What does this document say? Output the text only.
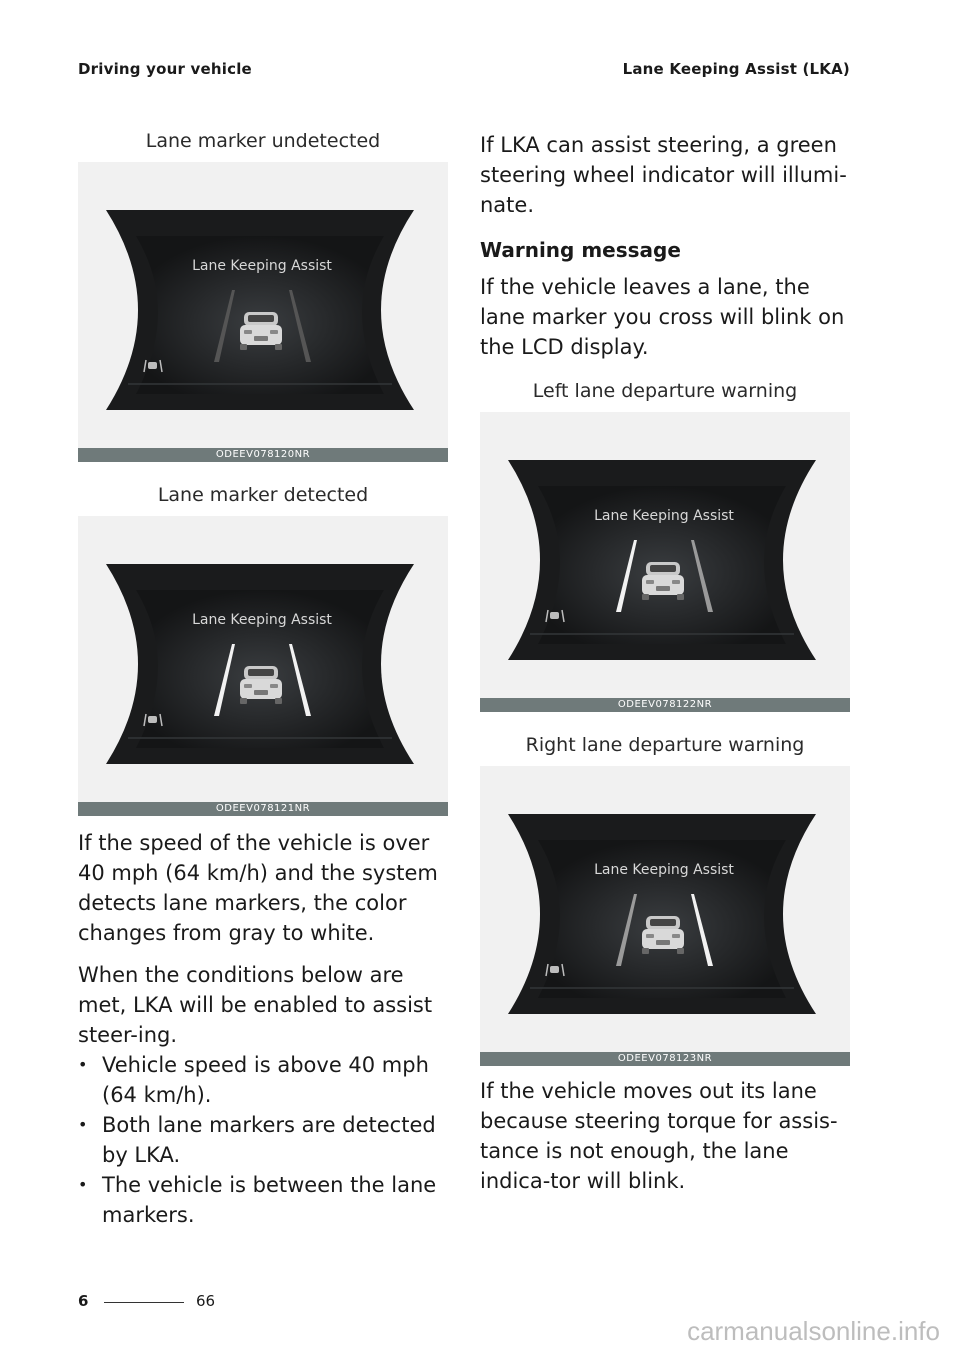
Driving your vehicle	Lane Keeping Assist (LKA)
Lane marker undetected
Lane Keeping Assist
ODEEV078120NR
Lane marker detected
Lane Keeping Assist
ODEEV078121NR

If the speed of the vehicle is over 40 mph (64 km/h) and the system detects lane markers, the color changes from gray to white.

When the conditions below are met, LKA will be enabled to assist steer-ing.

• Vehicle speed is above 40 mph (64 km/h).
• Both lane markers are detected by LKA.
• The vehicle is between the lane markers.

If LKA can assist steering, a green steering wheel indicator will illumi-nate.

Warning message

If the vehicle leaves a lane, the lane marker you cross will blink on the LCD display.

Left lane departure warning
Lane Keeping Assist
ODEEV078122NR
Right lane departure warning
Lane Keeping Assist
ODEEV078123NR

If the vehicle moves out its lane because steering torque for assis-tance is not enough, the lane indica-tor will blink.

6	66
carmanualsonline.info
